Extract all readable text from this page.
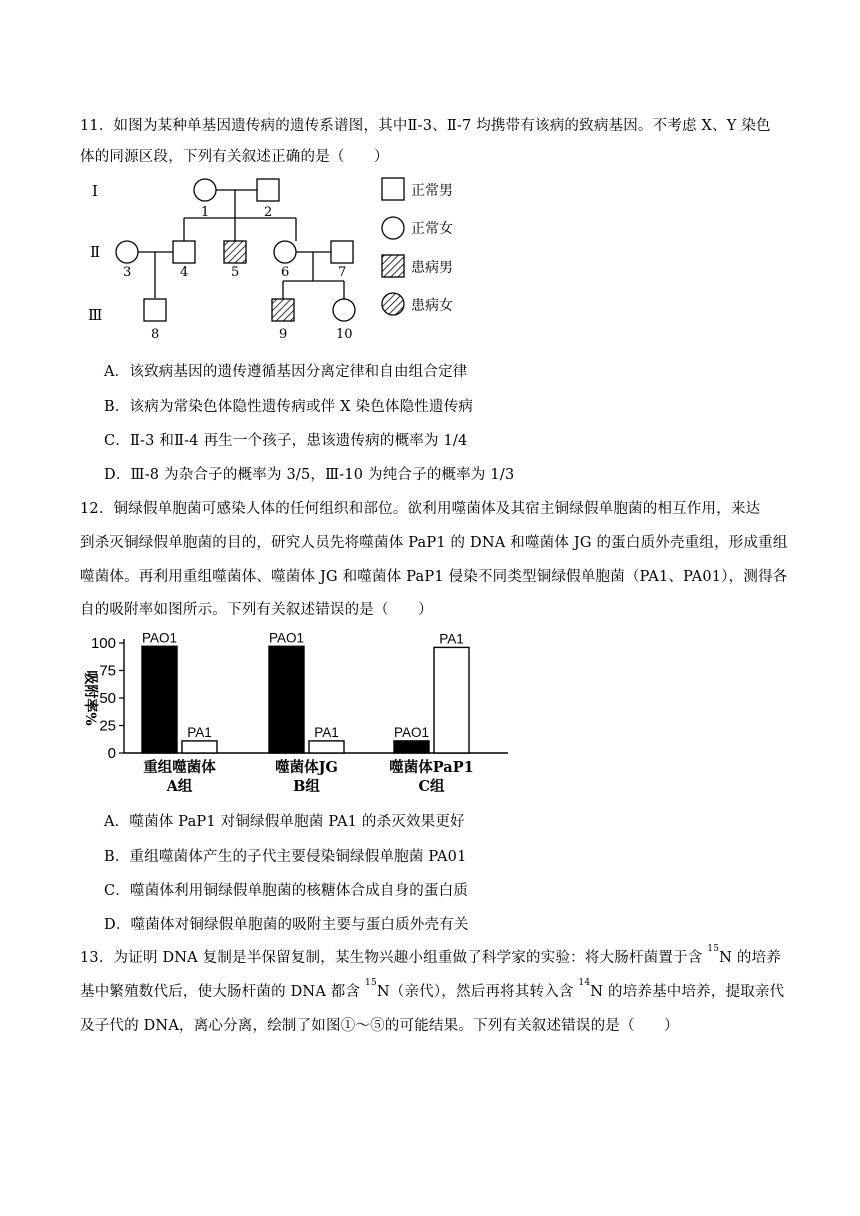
11．如图为某种单基因遗传病的遗传系谱图，其中Ⅱ-3、Ⅱ-7 均携带有该病的致病基因。不考虑 X、Y 染色
体的同源区段，下列有关叙述正确的是（　　）
Ⅰ
Ⅱ
Ⅲ
1	2
3	4	5	6	7
8	9	10
正常男
正常女
患病男
患病女
A．该致病基因的遗传遵循基因分离定律和自由组合定律
B．该病为常染色体隐性遗传病或伴 X 染色体隐性遗传病
C．Ⅱ-3 和Ⅱ-4 再生一个孩子，患该遗传病的概率为 1/4
D．Ⅲ-8 为杂合子的概率为 3/5，Ⅲ-10 为纯合子的概率为 1/3
12．铜绿假单胞菌可感染人体的任何组织和部位。欲利用噬菌体及其宿主铜绿假单胞菌的相互作用，来达
到杀灭铜绿假单胞菌的目的，研究人员先将噬菌体 PaP1 的 DNA 和噬菌体 JG 的蛋白质外壳重组，形成重组
噬菌体。再利用重组噬菌体、噬菌体 JG 和噬菌体 PaP1 侵染不同类型铜绿假单胞菌（PA1、PA01），测得各
自的吸附率如图所示。下列有关叙述错误的是（　　）
100
75
50
25
0
吸附率%
PAO1
PA1
重组噬菌体
A组
PAO1
PA1
噬菌体JG
B组
PAO1
PA1
噬菌体PaP1
C组
A．噬菌体 PaP1 对铜绿假单胞菌 PA1 的杀灭效果更好
B．重组噬菌体产生的子代主要侵染铜绿假单胞菌 PA01
C．噬菌体利用铜绿假单胞菌的核糖体合成自身的蛋白质
D．噬菌体对铜绿假单胞菌的吸附主要与蛋白质外壳有关
13．为证明 DNA 复制是半保留复制，某生物兴趣小组重做了科学家的实验：将大肠杆菌置于含 $^{15}$N 的培养
基中繁殖数代后，使大肠杆菌的 DNA 都含 $^{15}$N（亲代），然后再将其转入含 $^{14}$N 的培养基中培养，提取亲代
及子代的 DNA，离心分离，绘制了如图①～⑤的可能结果。下列有关叙述错误的是（　　）
